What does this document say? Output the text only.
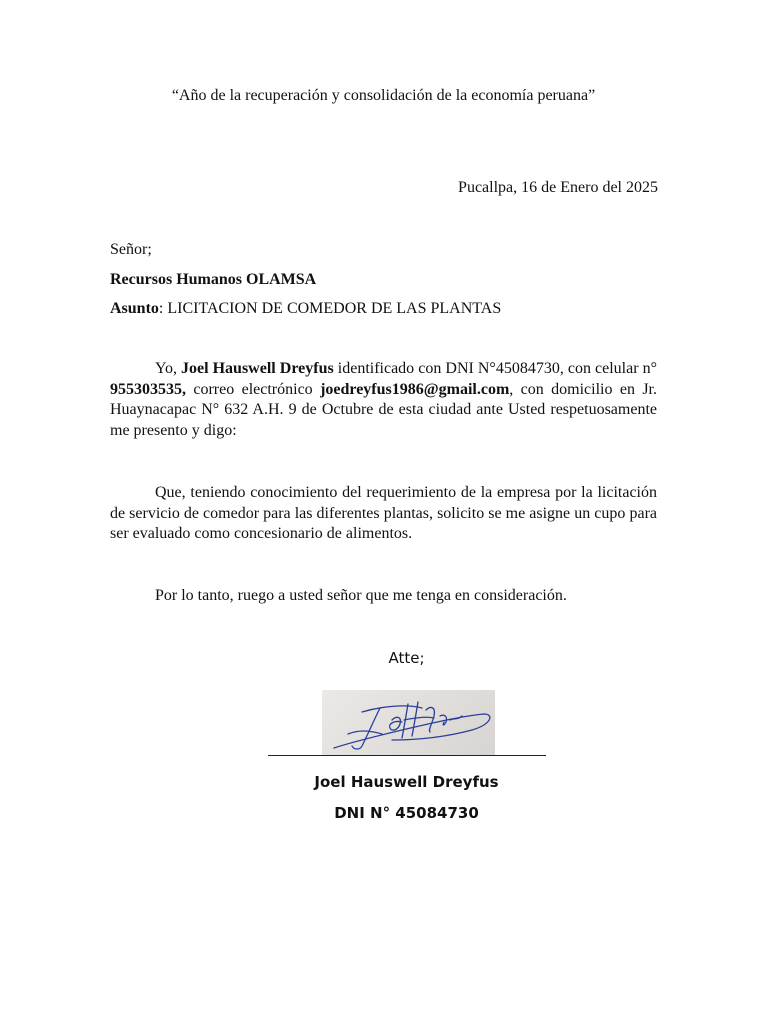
“Año de la recuperación y consolidación de la economía peruana”
Pucallpa, 16 de Enero del 2025
Señor;
Recursos Humanos OLAMSA
Asunto: LICITACION DE COMEDOR DE LAS PLANTAS
Yo, Joel Hauswell Dreyfus identificado con DNI N°45084730, con celular n° 955303535, correo electrónico joedreyfus1986@gmail.com, con domicilio en Jr. Huaynacapac N° 632 A.H. 9 de Octubre de esta ciudad ante Usted respetuosamente me presento y digo:
Que, teniendo conocimiento del requerimiento de la empresa por la licitación de servicio de comedor para las diferentes plantas, solicito se me asigne un cupo para ser evaluado como concesionario de alimentos.
Por lo tanto, ruego a usted señor que me tenga en consideración.
Atte;
Joel Hauswell Dreyfus
DNI N° 45084730
